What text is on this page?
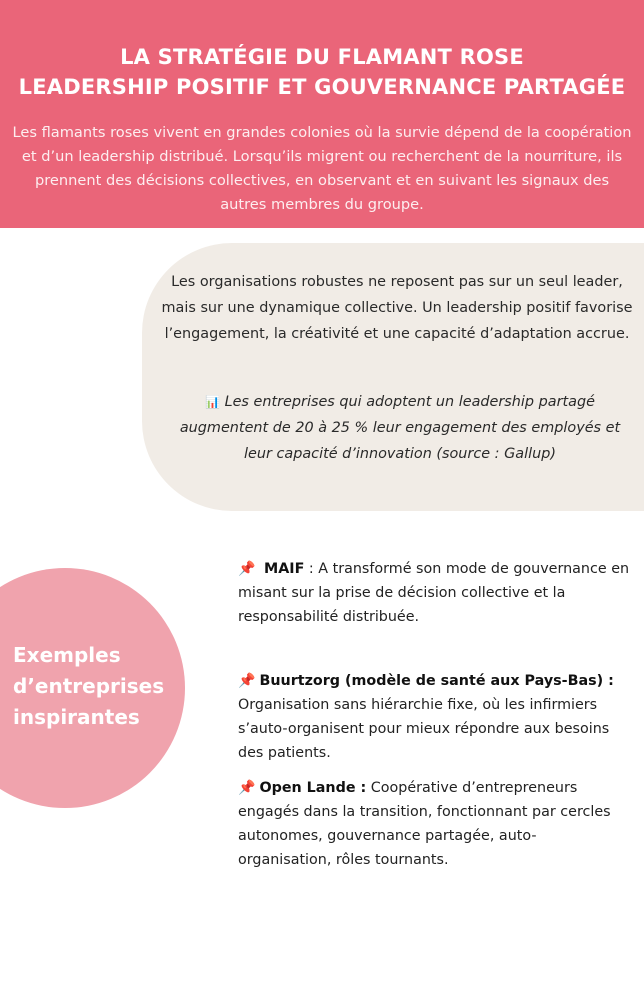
LA STRATÉGIE DU FLAMANT ROSE
LEADERSHIP POSITIF ET GOUVERNANCE PARTAGÉE

Les flamants roses vivent en grandes colonies où la survie dépend de la coopération et d’un leadership distribué. Lorsqu’ils migrent ou recherchent de la nourriture, ils prennent des décisions collectives, en observant et en suivant les signaux des autres membres du groupe.

Les organisations robustes ne reposent pas sur un seul leader, mais sur une dynamique collective. Un leadership positif favorise l’engagement, la créativité et une capacité d’adaptation accrue.

📊 Les entreprises qui adoptent un leadership partagé augmentent de 20 à 25 % leur engagement des employés et leur capacité d’innovation (source : Gallup)

Exemples
d’entreprises
inspirantes

📌 MAIF : A transformé son mode de gouvernance en misant sur la prise de décision collective et la responsabilité distribuée.

📌 Buurtzorg (modèle de santé aux Pays-Bas) : Organisation sans hiérarchie fixe, où les infirmiers s’auto-organisent pour mieux répondre aux besoins des patients.

📌 Open Lande : Coopérative d’entrepreneurs engagés dans la transition, fonctionnant par cercles autonomes, gouvernance partagée, auto-organisation, rôles tournants.
